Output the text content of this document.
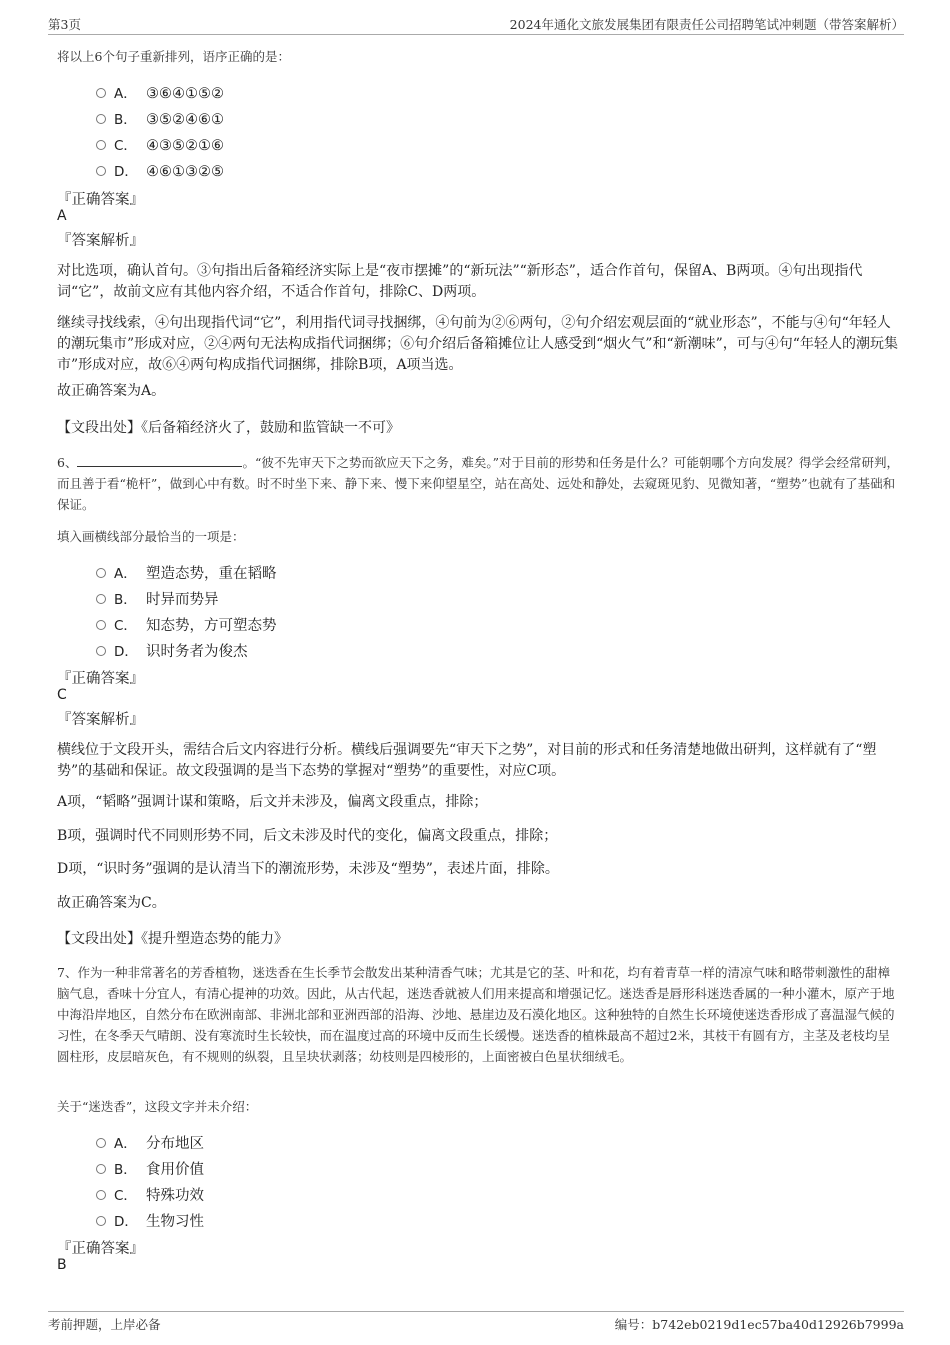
第3页	2024年通化文旅发展集团有限责任公司招聘笔试冲刺题（带答案解析）
将以上6个句子重新排列，语序正确的是：
A． ③⑥④①⑤②
B． ③⑤②④⑥①
C． ④③⑤②①⑥
D． ④⑥①③②⑤
『正确答案』
A
『答案解析』
对比选项，确认首句。③句指出后备箱经济实际上是“夜市摆摊”的“新玩法”“新形态”，适合作首句，保留A、B两项。④句出现指代词“它”，故前文应有其他内容介绍，不适合作首句，排除C、D两项。
继续寻找线索，④句出现指代词“它”，利用指代词寻找捆绑，④句前为②⑥两句，②句介绍宏观层面的“就业形态”，不能与④句“年轻人的潮玩集市”形成对应，②④两句无法构成指代词捆绑；⑥句介绍后备箱摊位让人感受到“烟火气”和“新潮味”，可与④句“年轻人的潮玩集市”形成对应，故⑥④两句构成指代词捆绑，排除B项，A项当选。
故正确答案为A。
【文段出处】《后备箱经济火了，鼓励和监管缺一不可》
6、	。“彼不先审天下之势而欲应天下之务，难矣。”对于目前的形势和任务是什么？可能朝哪个方向发展？得学会经常研判，而且善于看“桅杆”，做到心中有数。时不时坐下来、静下来、慢下来仰望星空，站在高处、远处和静处，去窥斑见豹、见微知著，“塑势”也就有了基础和保证。
填入画横线部分最恰当的一项是：
A． 塑造态势，重在韬略
B． 时异而势异
C． 知态势，方可塑态势
D． 识时务者为俊杰
『正确答案』
C
『答案解析』
横线位于文段开头，需结合后文内容进行分析。横线后强调要先“审天下之势”，对目前的形式和任务清楚地做出研判，这样就有了“塑势”的基础和保证。故文段强调的是当下态势的掌握对“塑势”的重要性，对应C项。
A项，“韬略”强调计谋和策略，后文并未涉及，偏离文段重点，排除；
B项，强调时代不同则形势不同，后文未涉及时代的变化，偏离文段重点，排除；
D项，“识时务”强调的是认清当下的潮流形势，未涉及“塑势”，表述片面，排除。
故正确答案为C。
【文段出处】《提升塑造态势的能力》
7、作为一种非常著名的芳香植物，迷迭香在生长季节会散发出某种清香气味；尤其是它的茎、叶和花，均有着青草一样的清凉气味和略带刺激性的甜樟脑气息，香味十分宜人，有清心提神的功效。因此，从古代起，迷迭香就被人们用来提高和增强记忆。迷迭香是唇形科迷迭香属的一种小灌木，原产于地中海沿岸地区，自然分布在欧洲南部、非洲北部和亚洲西部的沿海、沙地、悬崖边及石漠化地区。这种独特的自然生长环境使迷迭香形成了喜温湿气候的习性，在冬季天气晴朗、没有寒流时生长较快，而在温度过高的环境中反而生长缓慢。迷迭香的植株最高不超过2米，其枝干有圆有方，主茎及老枝均呈圆柱形，皮层暗灰色，有不规则的纵裂，且呈块状剥落；幼枝则是四棱形的，上面密被白色星状细绒毛。
关于“迷迭香”，这段文字并未介绍：
A． 分布地区
B． 食用价值
C． 特殊功效
D． 生物习性
『正确答案』
B
考前押题，上岸必备	编号：b742eb0219d1ec57ba40d12926b7999a
